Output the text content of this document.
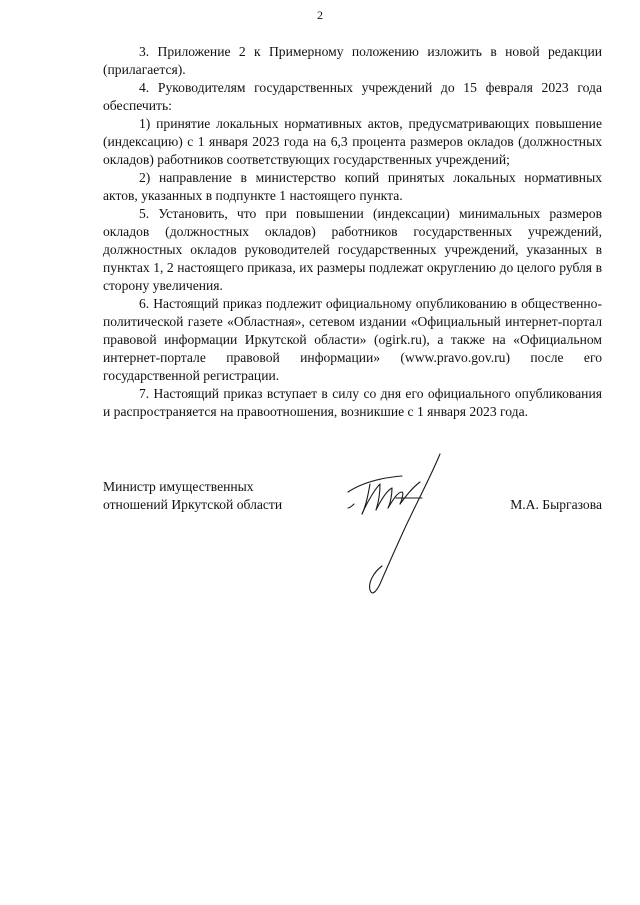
2

3. Приложение 2 к Примерному положению изложить в новой редакции (прилагается).

4. Руководителям государственных учреждений до 15 февраля 2023 года обеспечить:

1) принятие локальных нормативных актов, предусматривающих повышение (индексацию) с 1 января 2023 года на 6,3 процента размеров окладов (должностных окладов) работников соответствующих государственных учреждений;

2) направление в министерство копий принятых локальных нормативных актов, указанных в подпункте 1 настоящего пункта.

5. Установить, что при повышении (индексации) минимальных размеров окладов (должностных окладов) работников государственных учреждений, должностных окладов руководителей государственных учреждений, указанных в пунктах 1, 2 настоящего приказа, их размеры подлежат округлению до целого рубля в сторону увеличения.

6. Настоящий приказ подлежит официальному опубликованию в общественно-политической газете «Областная», сетевом издании «Официальный интернет-портал правовой информации Иркутской области» (ogirk.ru), а также на «Официальном интернет-портале правовой информации» (www.pravo.gov.ru) после его государственной регистрации.

7. Настоящий приказ вступает в силу со дня его официального опубликования и распространяется на правоотношения, возникшие с 1 января 2023 года.

Министр имущественных
отношений Иркутской области	М.А. Быргазова
